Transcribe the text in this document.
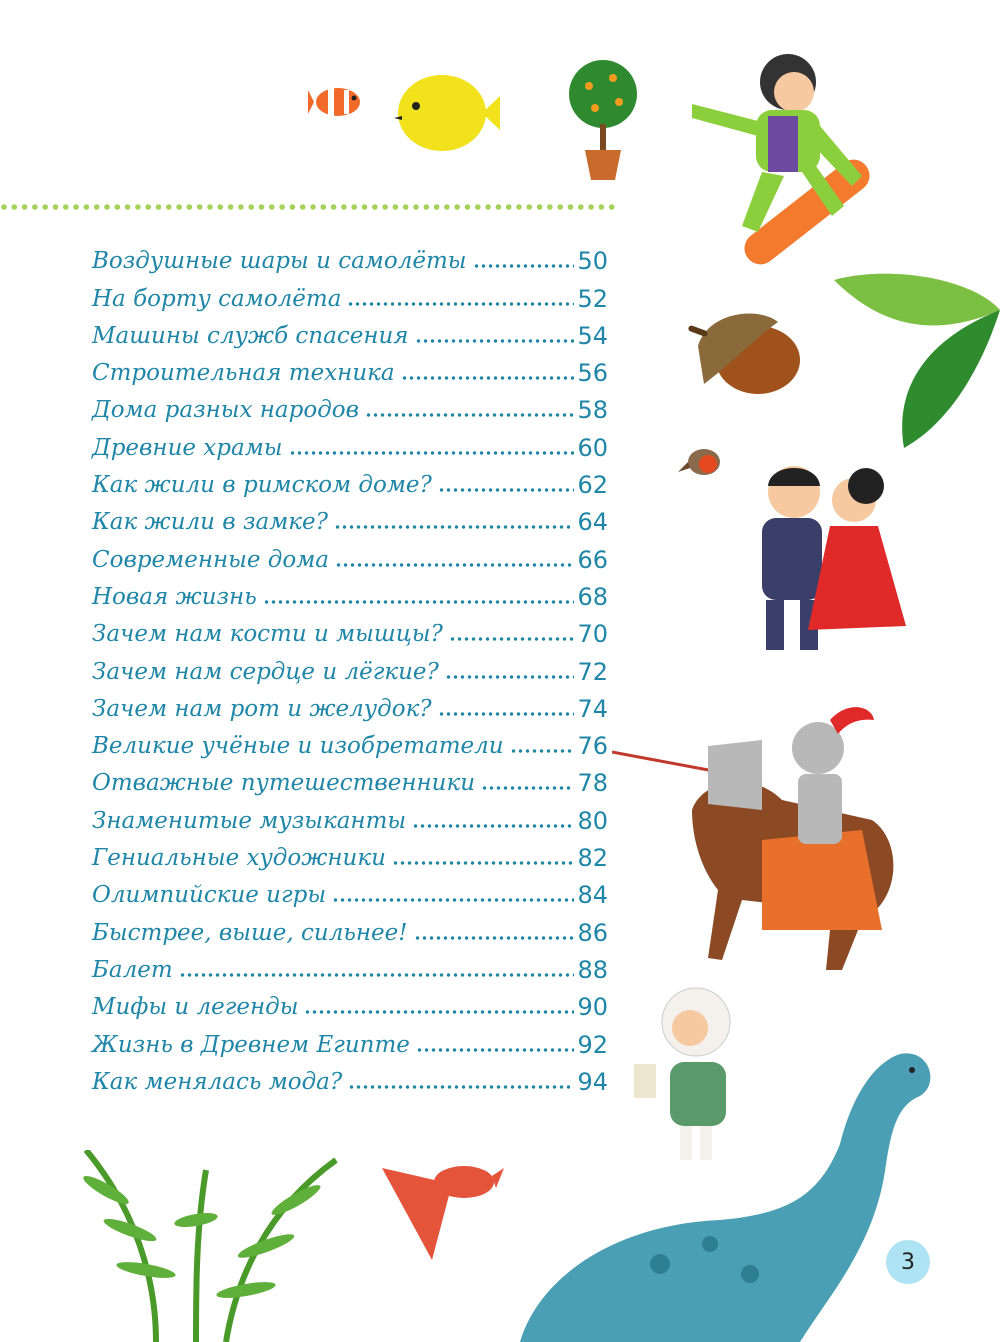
Воздушные шары и самолёты	50
На борту самолёта	52
Машины служб спасения	54
Строительная техника	56
Дома разных народов	58
Древние храмы	60
Как жили в римском доме?	62
Как жили в замке?	64
Современные дома	66
Новая жизнь	68
Зачем нам кости и мышцы?	70
Зачем нам сердце и лёгкие?	72
Зачем нам рот и желудок?	74
Великие учёные и изобретатели	76
Отважные путешественники	78
Знаменитые музыканты	80
Гениальные художники	82
Олимпийские игры	84
Быстрее, выше, сильнее!	86
Балет	88
Мифы и легенды	90
Жизнь в Древнем Египте	92
Как менялась мода?	94
3
